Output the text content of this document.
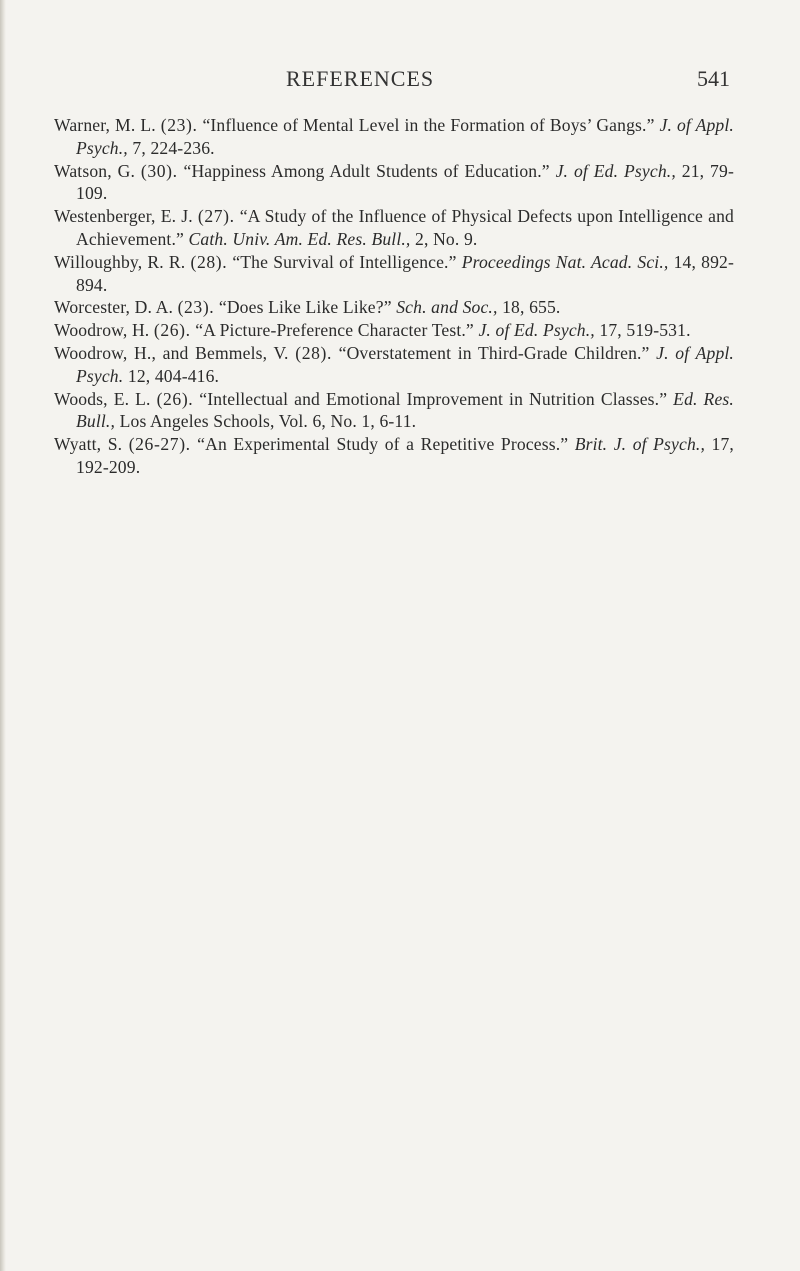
REFERENCES	541
Warner, M. L. (23). “Influence of Mental Level in the Formation of Boys’ Gangs.” J. of Appl. Psych., 7, 224-236.
Watson, G. (30). “Happiness Among Adult Students of Education.” J. of Ed. Psych., 21, 79-109.
Westenberger, E. J. (27). “A Study of the Influence of Physical Defects upon Intelligence and Achievement.” Cath. Univ. Am. Ed. Res. Bull., 2, No. 9.
Willoughby, R. R. (28). “The Survival of Intelligence.” Proceedings Nat. Acad. Sci., 14, 892-894.
Worcester, D. A. (23). “Does Like Like Like?” Sch. and Soc., 18, 655.
Woodrow, H. (26). “A Picture-Preference Character Test.” J. of Ed. Psych., 17, 519-531.
Woodrow, H., and Bemmels, V. (28). “Overstatement in Third-Grade Children.” J. of Appl. Psych. 12, 404-416.
Woods, E. L. (26). “Intellectual and Emotional Improvement in Nutrition Classes.” Ed. Res. Bull., Los Angeles Schools, Vol. 6, No. 1, 6-11.
Wyatt, S. (26-27). “An Experimental Study of a Repetitive Process.” Brit. J. of Psych., 17, 192-209.
